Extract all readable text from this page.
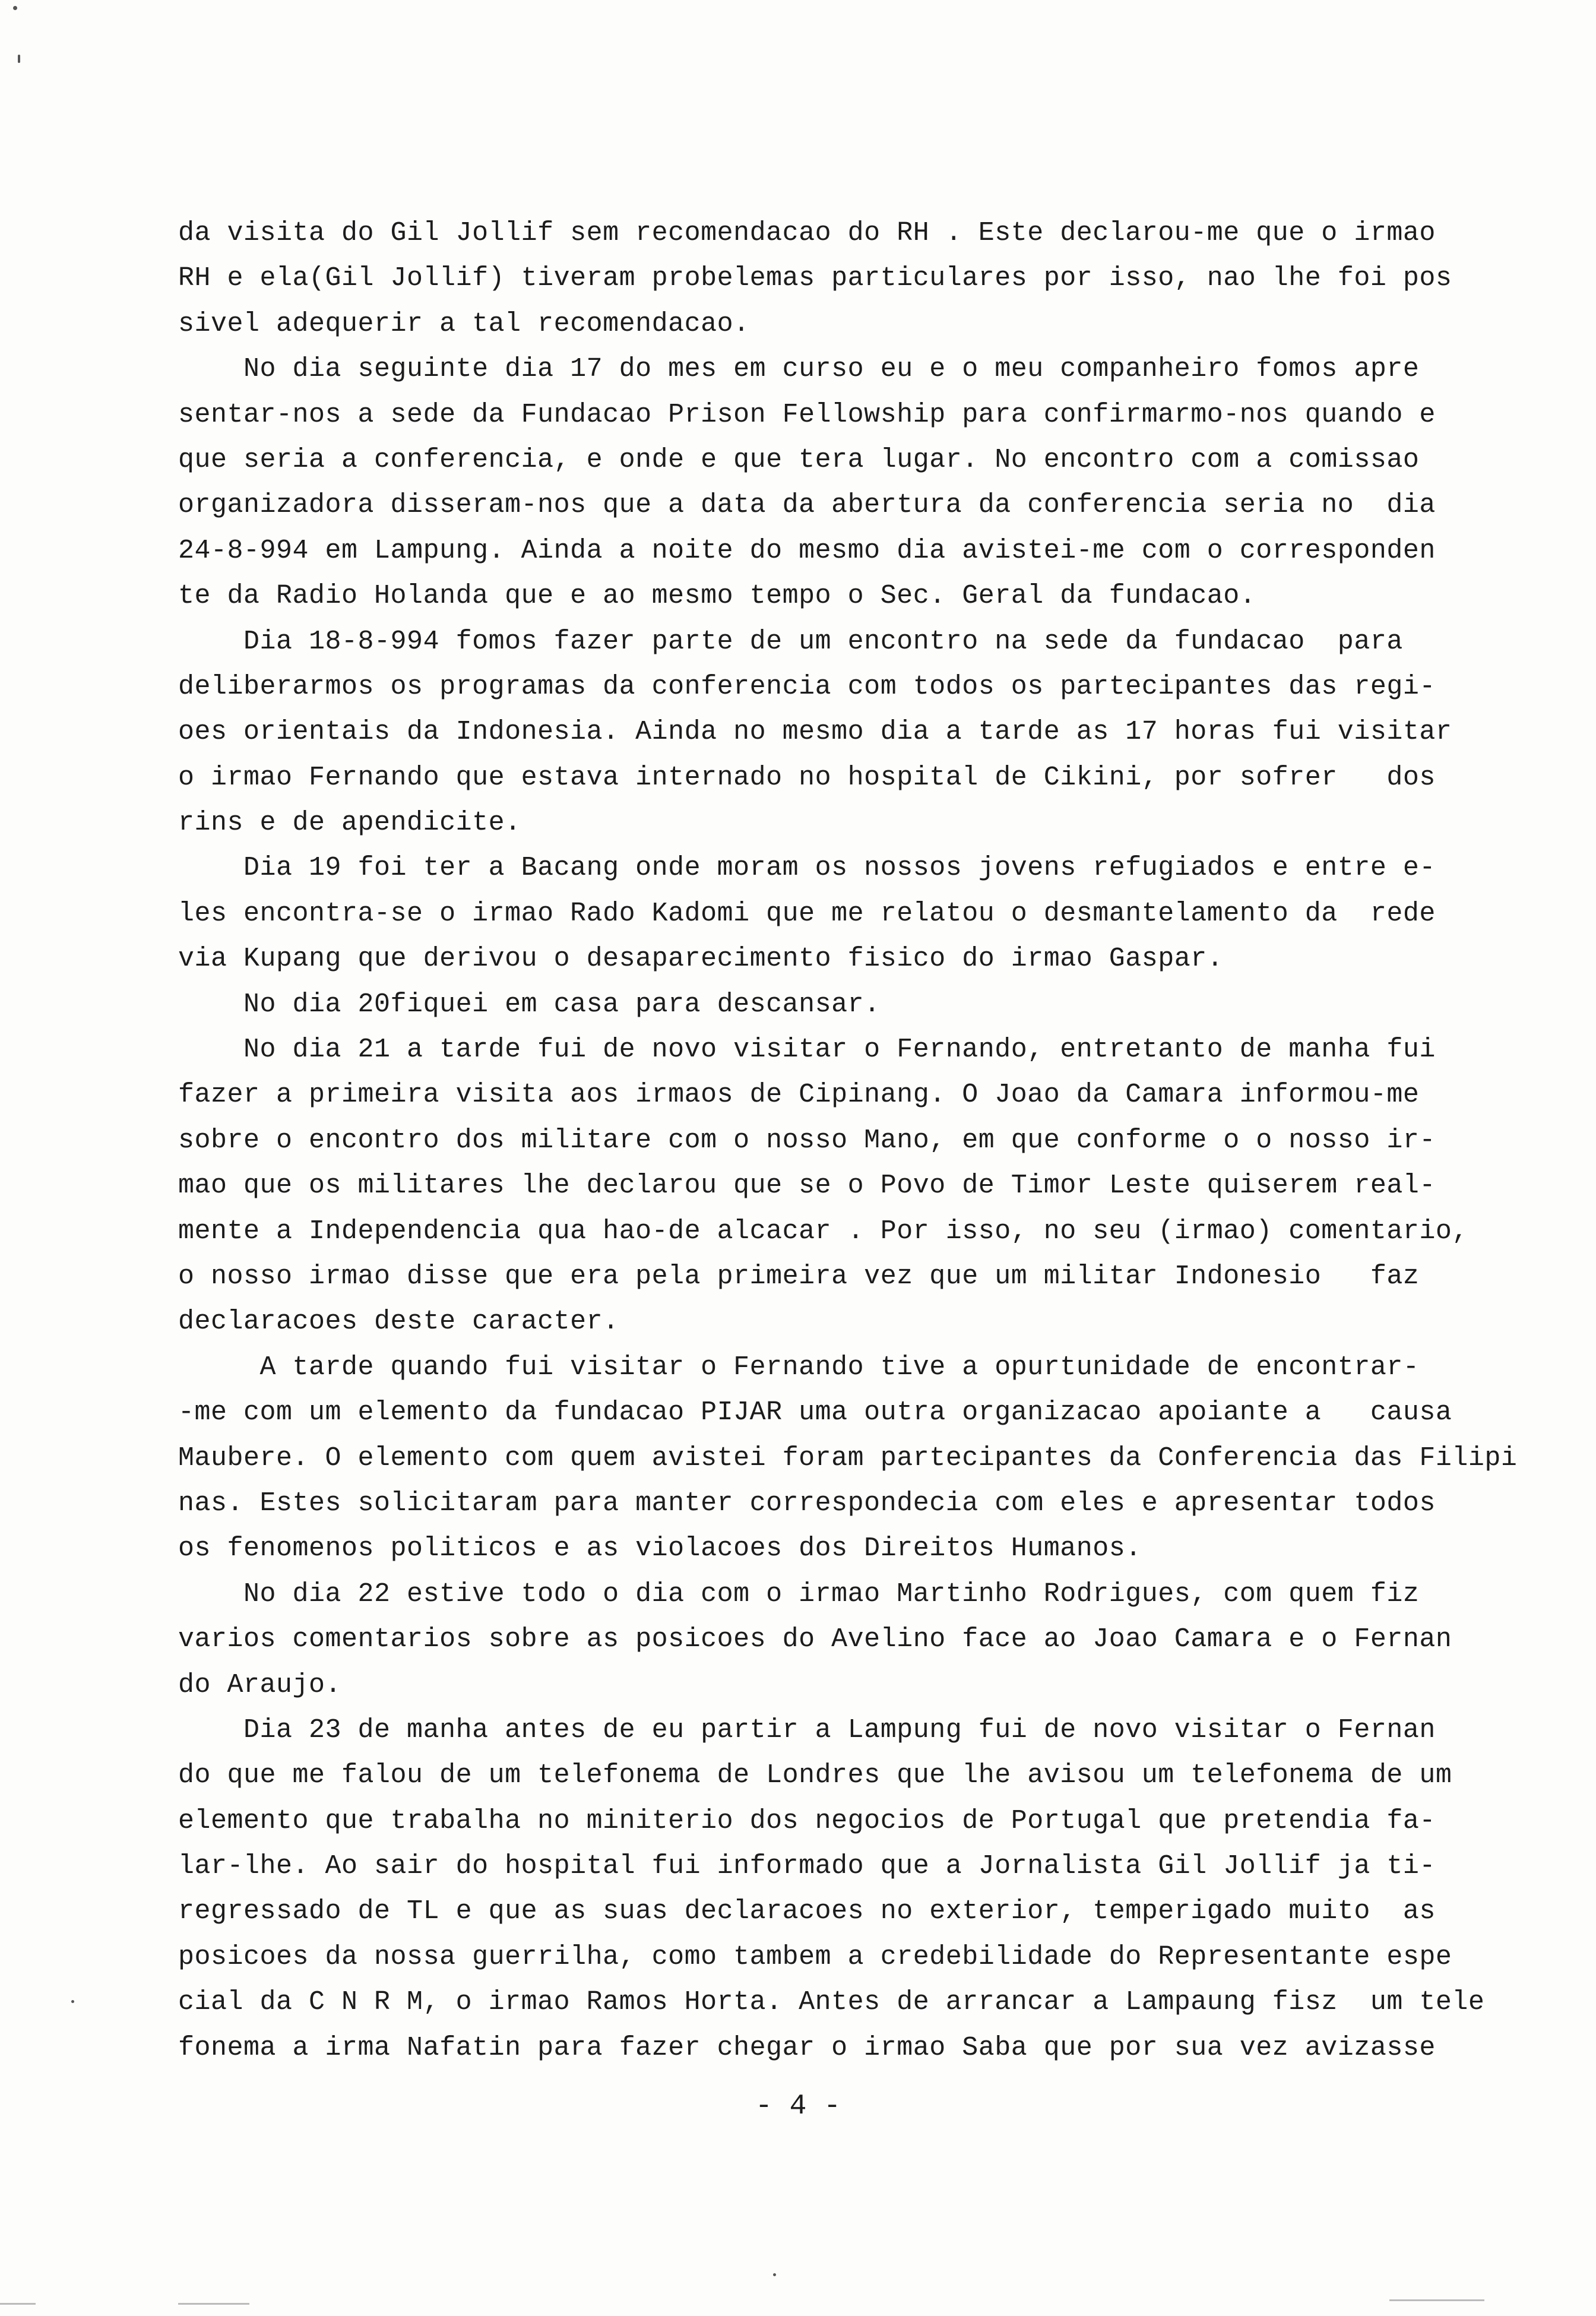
da visita do Gil Jollif sem recomendacao do RH . Este declarou-me que o irmao
RH e ela(Gil Jollif) tiveram probelemas particulares por isso, nao lhe foi pos
sivel adequerir a tal recomendacao.
No dia seguinte dia 17 do mes em curso eu e o meu companheiro fomos apre
sentar-nos a sede da Fundacao Prison Fellowship para confirmarmo-nos quando e
que seria a conferencia, e onde e que tera lugar. No encontro com a comissao
organizadora disseram-nos que a data da abertura da conferencia seria no  dia
24-8-994 em Lampung. Ainda a noite do mesmo dia avistei-me com o corresponden
te da Radio Holanda que e ao mesmo tempo o Sec. Geral da fundacao.
Dia 18-8-994 fomos fazer parte de um encontro na sede da fundacao  para
deliberarmos os programas da conferencia com todos os partecipantes das regi-
oes orientais da Indonesia. Ainda no mesmo dia a tarde as 17 horas fui visitar
o irmao Fernando que estava internado no hospital de Cikini, por sofrer   dos
rins e de apendicite.
Dia 19 foi ter a Bacang onde moram os nossos jovens refugiados e entre e-
les encontra-se o irmao Rado Kadomi que me relatou o desmantelamento da  rede
via Kupang que derivou o desaparecimento fisico do irmao Gaspar.
No dia 20fiquei em casa para descansar.
No dia 21 a tarde fui de novo visitar o Fernando, entretanto de manha fui
fazer a primeira visita aos irmaos de Cipinang. O Joao da Camara informou-me
sobre o encontro dos militare com o nosso Mano, em que conforme o o nosso ir-
mao que os militares lhe declarou que se o Povo de Timor Leste quiserem real-
mente a Independencia qua hao-de alcacar . Por isso, no seu (irmao) comentario,
o nosso irmao disse que era pela primeira vez que um militar Indonesio   faz
declaracoes deste caracter.
A tarde quando fui visitar o Fernando tive a opurtunidade de encontrar-
-me com um elemento da fundacao PIJAR uma outra organizacao apoiante a   causa
Maubere. O elemento com quem avistei foram partecipantes da Conferencia das Filipi
nas. Estes solicitaram para manter correspondecia com eles e apresentar todos
os fenomenos politicos e as violacoes dos Direitos Humanos.
No dia 22 estive todo o dia com o irmao Martinho Rodrigues, com quem fiz
varios comentarios sobre as posicoes do Avelino face ao Joao Camara e o Fernan
do Araujo.
Dia 23 de manha antes de eu partir a Lampung fui de novo visitar o Fernan
do que me falou de um telefonema de Londres que lhe avisou um telefonema de um
elemento que trabalha no miniterio dos negocios de Portugal que pretendia fa-
lar-lhe. Ao sair do hospital fui informado que a Jornalista Gil Jollif ja ti-
regressado de TL e que as suas declaracoes no exterior, temperigado muito  as
posicoes da nossa guerrilha, como tambem a credebilidade do Representante espe
cial da C N R M, o irmao Ramos Horta. Antes de arrancar a Lampaung fisz  um tele
fonema a irma Nafatin para fazer chegar o irmao Saba que por sua vez avizasse
- 4 -
